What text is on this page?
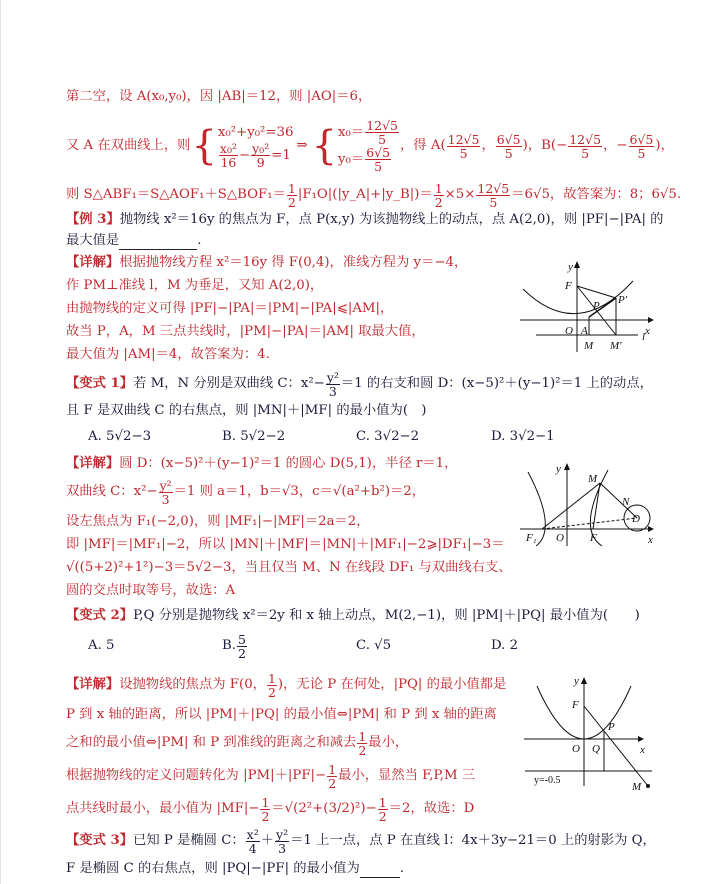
第二空，设 A(x₀,y₀)，因 |AB|＝12，则 |AO|＝6，
又 A 在双曲线上，则 { x₀²+y₀²=36
$\frac{\text{x₀²}}{16} - \frac{\text{y₀²}}{9} =1$
⇒ { $x_0= \frac{12√5}{5}$
$y_0= \frac{6√5}{5}$
，得 $A( \frac{12√5}{5}$ ， $\frac{6√5}{5}$ )，$B(- \frac{12√5}{5}$ ，− $\frac{6√5}{5}$ )，
则 S△ABF₁＝S△AOF₁＋S△BOF₁＝ $\frac{1}{2}$ |F₁O|(|y_A|+|y_B|)＝ $\frac{1}{2} \times 5\times \frac{12√5}{5} =6√5$，故答案为：8；6√5.
【例 3】抛物线 x²＝16y 的焦点为 F，点 P(x,y) 为该抛物线上的动点，点 A(2,0)，则 |PF|−|PA| 的
最大值是	.
【详解】根据抛物线方程 x²＝16y 得 F(0,4)，准线方程为 y＝−4，
作 PM⊥准线 l，M 为垂足，又知 A(2,0)，
由抛物线的定义可得 |PF|−|PA|＝|PM|−|PA|⩽|AM|，
故当 P，A，M 三点共线时，|PM|−|PA|＝|AM| 取最大值，
最大值为 |AM|＝4，故答案为：4.
y
x
F
P P′
O A
M M′
l
【变式 1】 若 M，N 分别是双曲线 C：$x^2- \frac{\text{y²}}{3} =1$ 的右支和圆 D：(x−5)²＋(y−1)²＝1 上的动点，
且 F 是双曲线 C 的右焦点，则 |MN|＋|MF| 的最小值为(　)
A. 5√2−3	B. 5√2−2	C. 3√2−2	D. 3√2−1
【详解】圆 D：(x−5)²＋(y−1)²＝1 的圆心 D(5,1)，半径 r＝1，
双曲线 C：$x^2- \frac{\text{y²}}{3} =1$ 则 a＝1，b＝√3，c＝√(a²+b²)＝2，
设左焦点为 F₁(−2,0)，则 |MF₁|−|MF|＝2a＝2，
即 |MF|＝|MF₁|−2，所以 |MN|＋|MF|＝|MN|＋|MF₁|−2⩾|DF₁|−3＝
√((5+2)²+1²)−3＝5√2−3，当且仅当 M、N 在线段 DF₁ 与双曲线右支、
圆的交点时取等号，故选：A
y
x
M
N
D
F₁ O F
【变式 2】P,Q 分别是抛物线 x²＝2y 和 x 轴上动点，M(2,−1)，则 |PM|＋|PQ| 最小值为(　　)
A. 5	B. $\frac{5}{2}$	C. √5	D. 2
【详解】 设抛物线的焦点为 F(0， $\frac{1}{2}$ )，无论 P 在何处，|PQ| 的最小值都是
P 到 x 轴的距离，所以 |PM|＋|PQ| 的最小值⇔|PM| 和 P 到 x 轴的距离
之和的最小值⇔|PM| 和 P 到准线的距离之和减去 $\frac{1}{2}$ 最小，
根据抛物线的定义问题转化为 $|PM|+|PF|- \frac{1}{2}$ 最小，显然当 F,P,M 三
点共线时最小，最小值为 $|MF|- \frac{1}{2} =√(2^2+(3/2)^2)- \frac{1}{2} =2$，故选：D
y
x
F
P
O Q
M
y=-0.5
【变式 3】 已知 P 是椭圆 C： $\frac{\text{x²}}{4} + \frac{\text{y²}}{3} =1$ 上一点，点 P 在直线 l：4x＋3y−21＝0 上的射影为 Q，
F 是椭圆 C 的右焦点，则 |PQ|−|PF| 的最小值为	.
